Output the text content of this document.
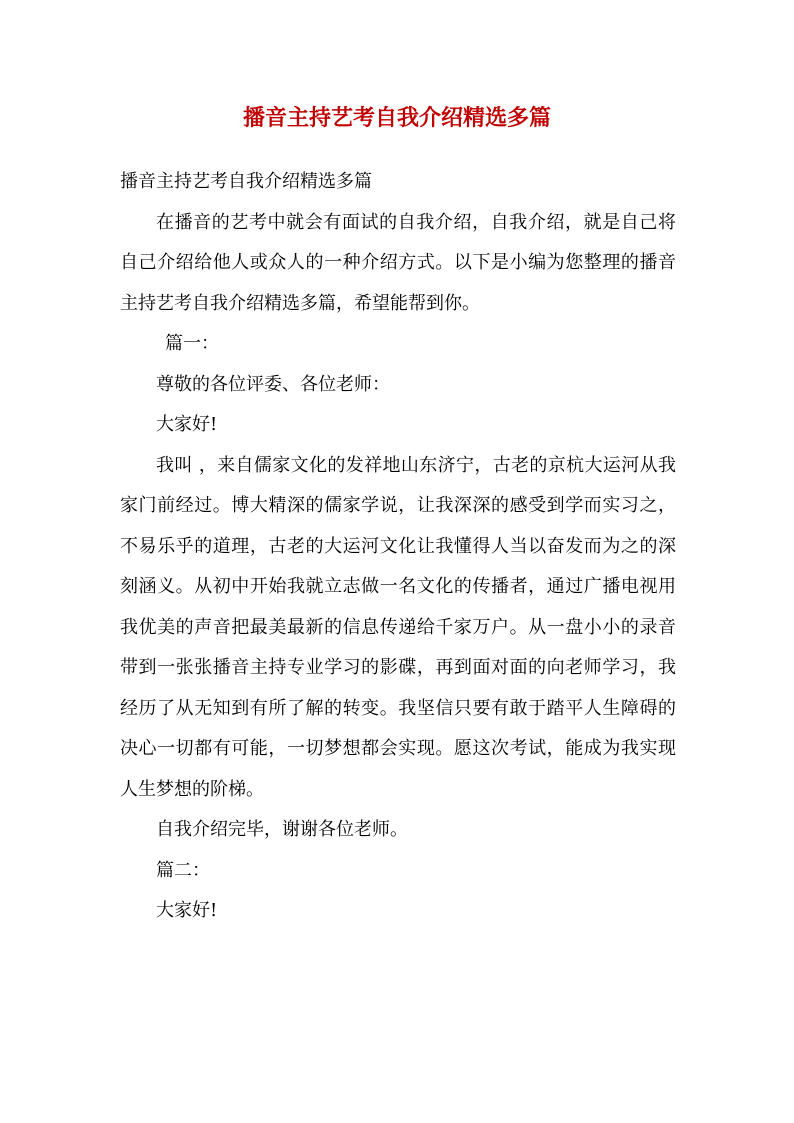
播音主持艺考自我介绍精选多篇

播音主持艺考自我介绍精选多篇

在播音的艺考中就会有面试的自我介绍，自我介绍，就是自己将自己介绍给他人或众人的一种介绍方式。以下是小编为您整理的播音主持艺考自我介绍精选多篇，希望能帮到你。

篇一：

尊敬的各位评委、各位老师：

大家好!

我叫 ，来自儒家文化的发祥地山东济宁，古老的京杭大运河从我家门前经过。博大精深的儒家学说，让我深深的感受到学而实习之，不易乐乎的道理，古老的大运河文化让我懂得人当以奋发而为之的深刻涵义。从初中开始我就立志做一名文化的传播者，通过广播电视用我优美的声音把最美最新的信息传递给千家万户。从一盘小小的录音带到一张张播音主持专业学习的影碟，再到面对面的向老师学习，我经历了从无知到有所了解的转变。我坚信只要有敢于踏平人生障碍的决心一切都有可能，一切梦想都会实现。愿这次考试，能成为我实现人生梦想的阶梯。

自我介绍完毕，谢谢各位老师。

篇二：

大家好!
